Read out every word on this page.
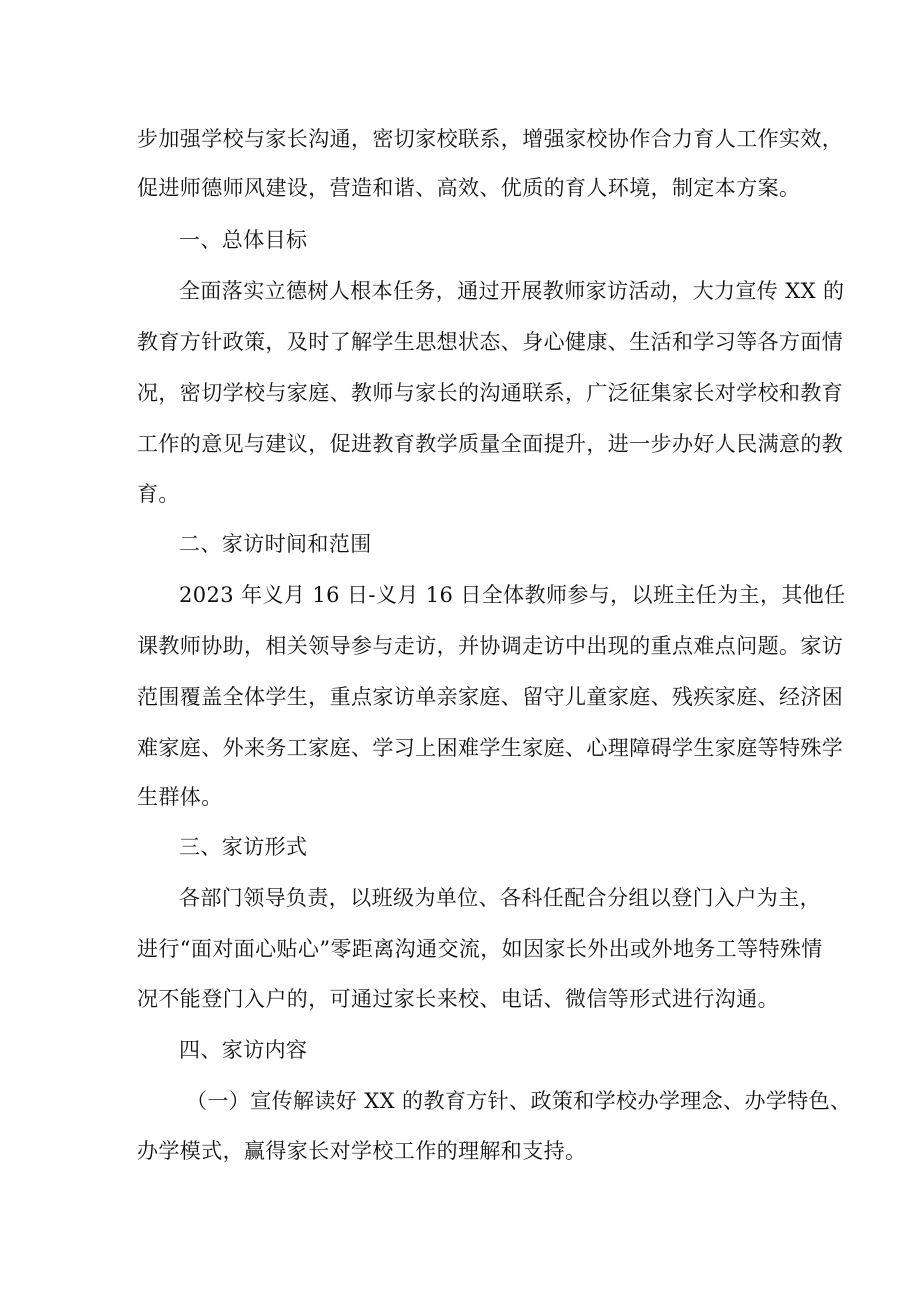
步加强学校与家长沟通，密切家校联系，增强家校协作合力育人工作实效，
促进师德师风建设，营造和谐、高效、优质的育人环境，制定本方案。
一、总体目标
全面落实立德树人根本任务，通过开展教师家访活动，大力宣传 XX 的
教育方针政策，及时了解学生思想状态、身心健康、生活和学习等各方面情
况，密切学校与家庭、教师与家长的沟通联系，广泛征集家长对学校和教育
工作的意见与建议，促进教育教学质量全面提升，进一步办好人民满意的教
育。
二、家访时间和范围
2023 年义月 16 日-义月 16 日全体教师参与，以班主任为主，其他任
课教师协助，相关领导参与走访，并协调走访中出现的重点难点问题。家访
范围覆盖全体学生，重点家访单亲家庭、留守儿童家庭、残疾家庭、经济困
难家庭、外来务工家庭、学习上困难学生家庭、心理障碍学生家庭等特殊学
生群体。
三、家访形式
各部门领导负责，以班级为单位、各科任配合分组以登门入户为主，
进行“面对面心贴心”零距离沟通交流，如因家长外出或外地务工等特殊情
况不能登门入户的，可通过家长来校、电话、微信等形式进行沟通。
四、家访内容
（一）宣传解读好 XX 的教育方针、政策和学校办学理念、办学特色、
办学模式，赢得家长对学校工作的理解和支持。
